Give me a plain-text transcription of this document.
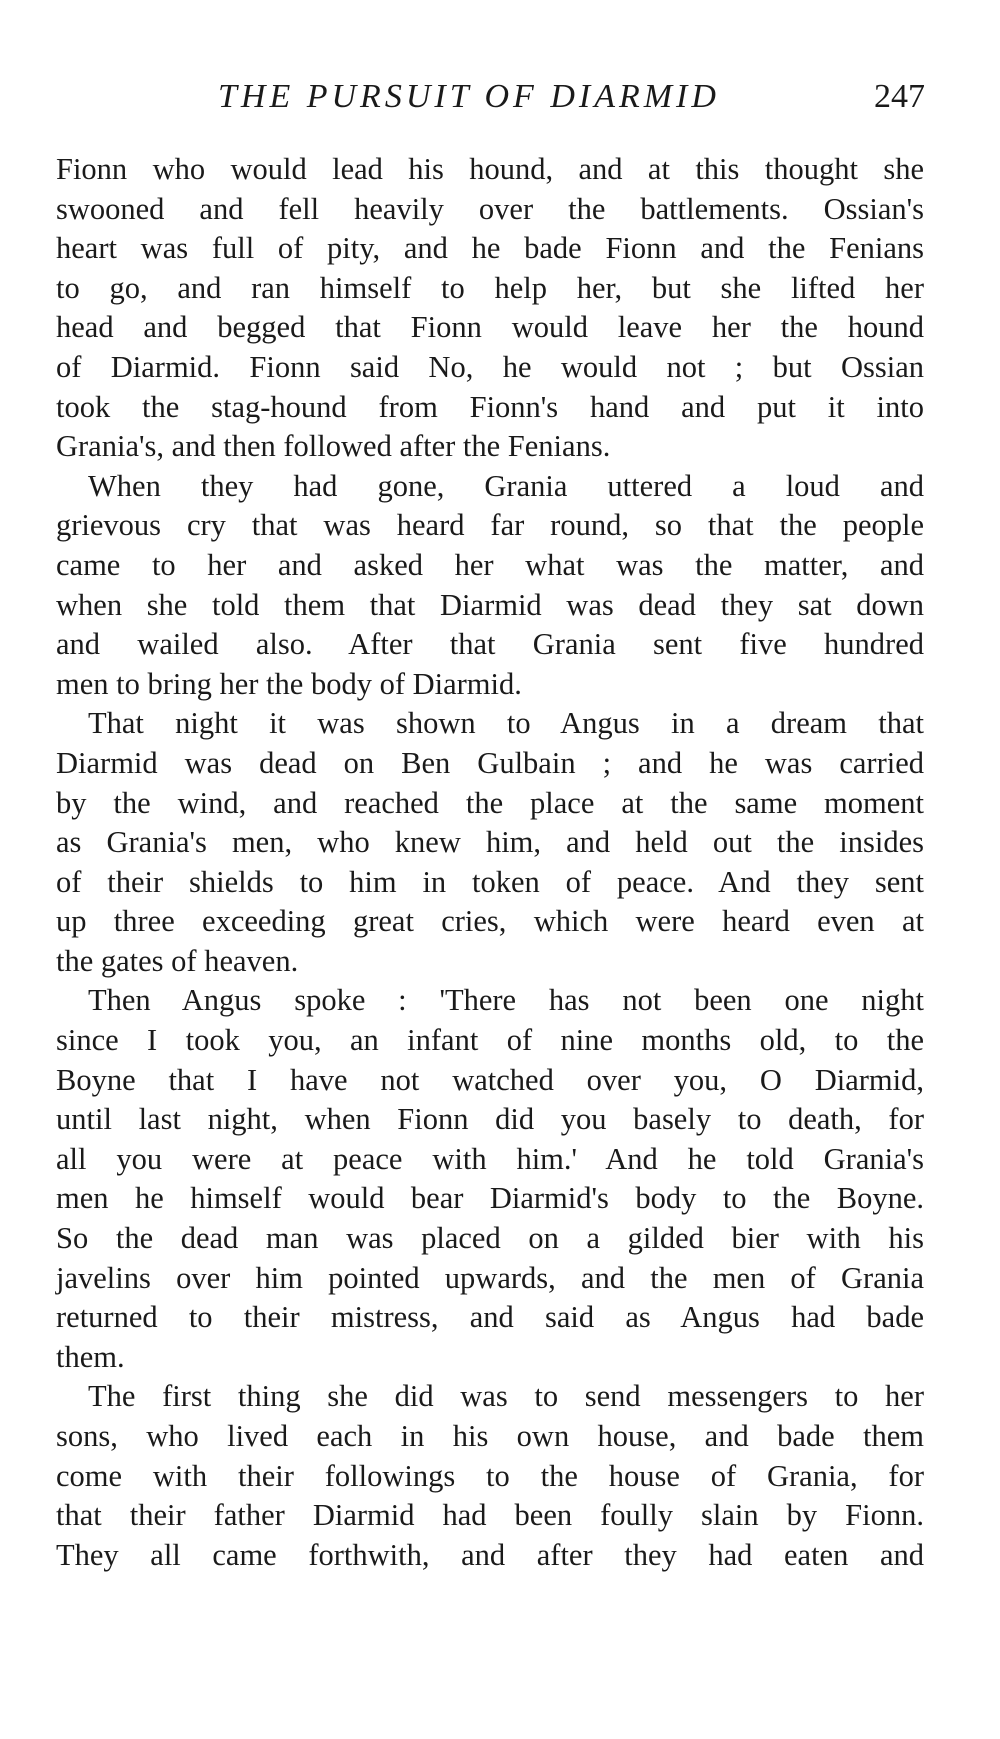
THE PURSUIT OF DIARMID	247
Fionn who would lead his hound, and at this thought she
swooned and fell heavily over the battlements. Ossian's
heart was full of pity, and he bade Fionn and the Fenians
to go, and ran himself to help her, but she lifted her
head and begged that Fionn would leave her the hound
of Diarmid. Fionn said No, he would not ; but Ossian
took the stag-hound from Fionn's hand and put it into
Grania's, and then followed after the Fenians.
When they had gone, Grania uttered a loud and
grievous cry that was heard far round, so that the people
came to her and asked her what was the matter, and
when she told them that Diarmid was dead they sat down
and wailed also. After that Grania sent five hundred
men to bring her the body of Diarmid.
That night it was shown to Angus in a dream that
Diarmid was dead on Ben Gulbain ; and he was carried
by the wind, and reached the place at the same moment
as Grania's men, who knew him, and held out the insides
of their shields to him in token of peace. And they sent
up three exceeding great cries, which were heard even at
the gates of heaven.
Then Angus spoke : 'There has not been one night
since I took you, an infant of nine months old, to the
Boyne that I have not watched over you, O Diarmid,
until last night, when Fionn did you basely to death, for
all you were at peace with him.' And he told Grania's
men he himself would bear Diarmid's body to the Boyne.
So the dead man was placed on a gilded bier with his
javelins over him pointed upwards, and the men of Grania
returned to their mistress, and said as Angus had bade
them.
The first thing she did was to send messengers to her
sons, who lived each in his own house, and bade them
come with their followings to the house of Grania, for
that their father Diarmid had been foully slain by Fionn.
They all came forthwith, and after they had eaten and
